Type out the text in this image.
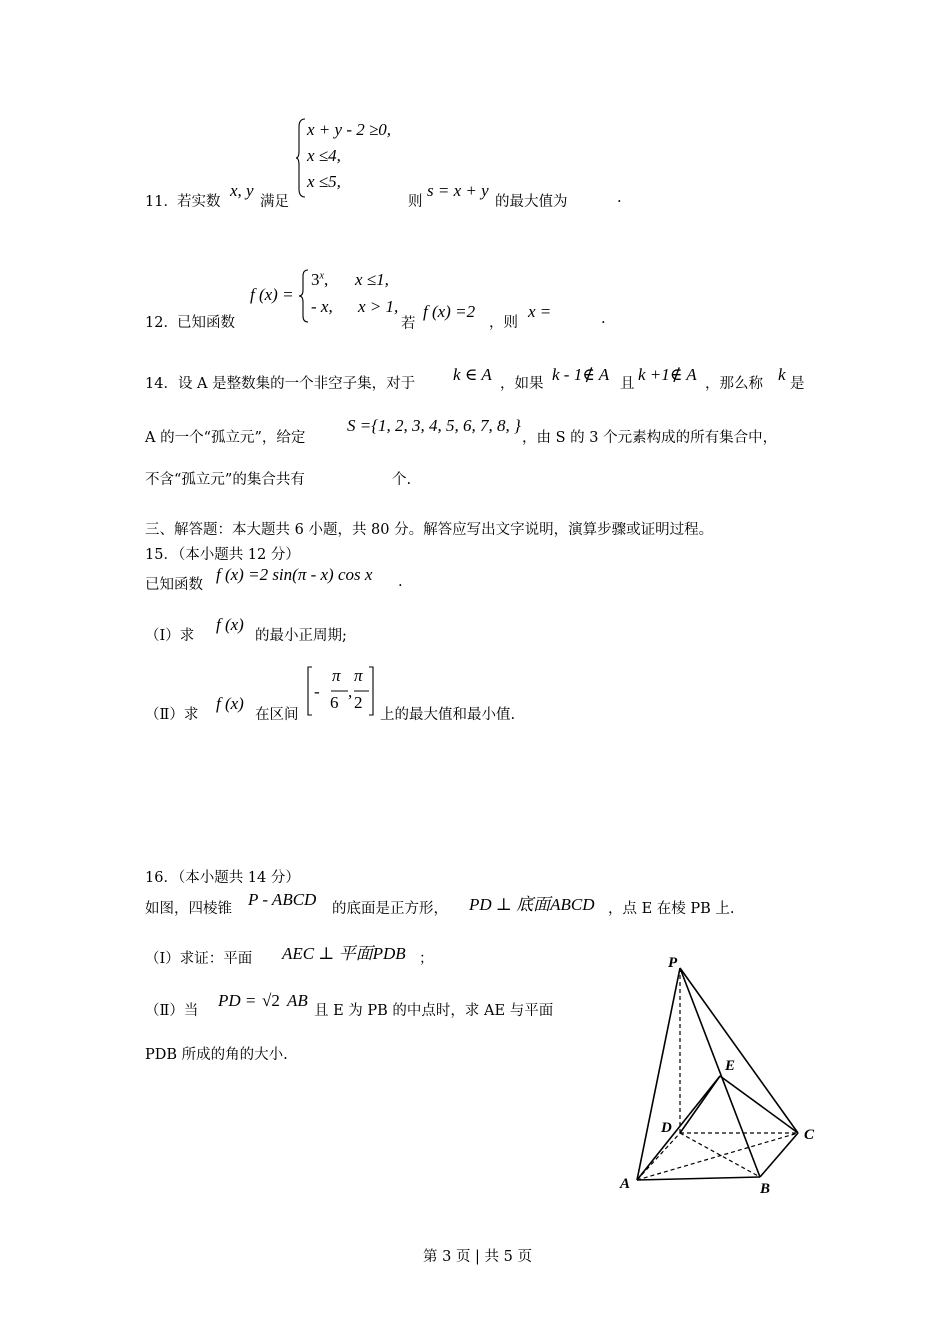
11． 若实数
x, y
满足
x + y - 2 ≥0,
x ≤4,
x ≤5,
则
s = x + y
的最大值为	.
12． 已知函数
f (x) =
$3^x$, x ≤1,
- x, x > 1,
若
f (x) =2
，则
x =	.
14．设 A 是整数集的一个非空子集，对于 k ∈ A ，如果 k - 1∉ A 且 k +1∉ A ，那么称 k 是
A 的一个“孤立元”，给定
S ={1, 2, 3, 4, 5, 6, 7, 8, }
，由 S 的 3 个元素构成的所有集合中，
不含“孤立元”的集合共有	个.
三、解答题：本大题共 6 小题，共 80 分。解答应写出文字说明，演算步骤或证明过程。
15．（本小题共 12 分）
已知函数
f (x) =2 sin(π - x) cos x .
（Ⅰ）求
f (x)
的最小正周期;
（Ⅱ）求
f (x)
在区间
-
π
6
,
π
2
上的最大值和最小值.
16．（本小题共 14 分）
如图，四棱锥 P - ABCD 的底面是正方形， PD ⊥ 底面ABCD ，点 E 在棱 PB 上.
（Ⅰ）求证：平面 AEC ⊥ 平面PDB ；
（Ⅱ）当
PD = √2 AB
且 E 为 PB 的中点时，求 AE 与平面
PDB 所成的角的大小.
P
E
D	C
A	B
第 3 页 | 共 5 页
